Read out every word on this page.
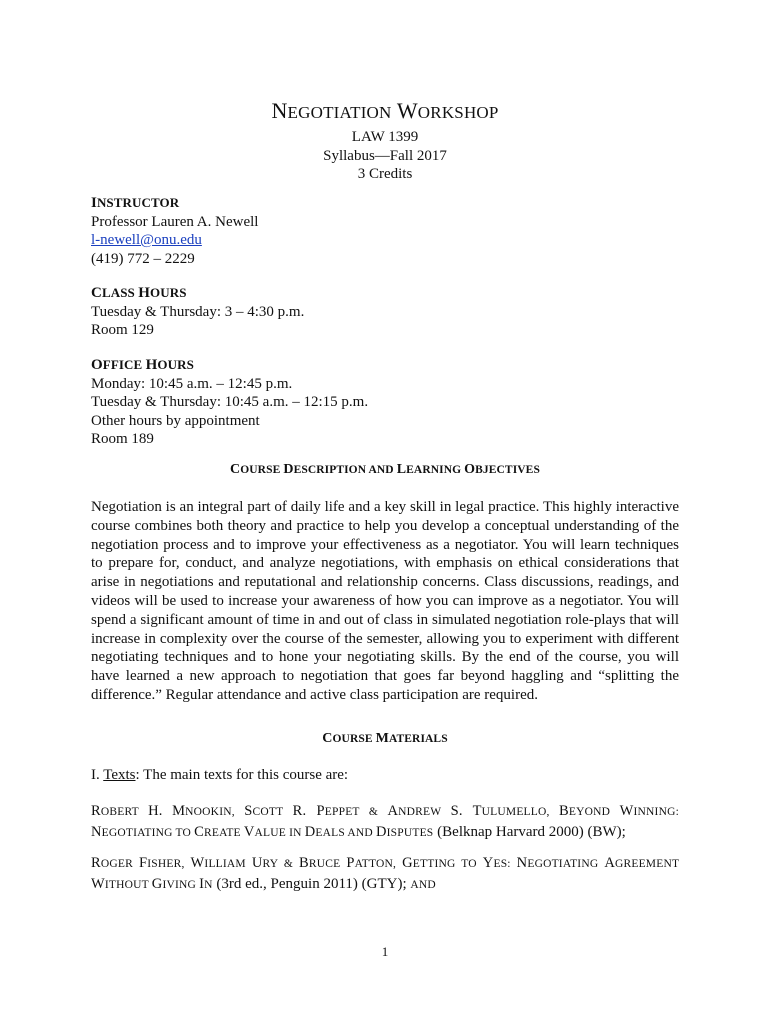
NEGOTIATION WORKSHOP
LAW 1399
Syllabus—Fall 2017
3 Credits
INSTRUCTOR
Professor Lauren A. Newell
l-newell@onu.edu
(419) 772 – 2229
CLASS HOURS
Tuesday & Thursday: 3 – 4:30 p.m.
Room 129
OFFICE HOURS
Monday: 10:45 a.m. – 12:45 p.m.
Tuesday & Thursday: 10:45 a.m. – 12:15 p.m.
Other hours by appointment
Room 189
COURSE DESCRIPTION AND LEARNING OBJECTIVES

Negotiation is an integral part of daily life and a key skill in legal practice. This highly interactive course combines both theory and practice to help you develop a conceptual understanding of the negotiation process and to improve your effectiveness as a negotiator. You will learn techniques to prepare for, conduct, and analyze negotiations, with emphasis on ethical considerations that arise in negotiations and reputational and relationship concerns. Class discussions, readings, and videos will be used to increase your awareness of how you can improve as a negotiator. You will spend a significant amount of time in and out of class in simulated negotiation role-plays that will increase in complexity over the course of the semester, allowing you to experiment with different negotiating techniques and to hone your negotiating skills. By the end of the course, you will have learned a new approach to negotiation that goes far beyond haggling and “splitting the difference.” Regular attendance and active class participation are required.

COURSE MATERIALS
I. Texts: The main texts for this course are:

ROBERT H. MNOOKIN, SCOTT R. PEPPET & ANDREW S. TULUMELLO, BEYOND WINNING: NEGOTIATING TO CREATE VALUE IN DEALS AND DISPUTES (Belknap Harvard 2000) (BW);

ROGER FISHER, WILLIAM URY & BRUCE PATTON, GETTING TO YES: NEGOTIATING AGREEMENT WITHOUT GIVING IN (3rd ed., Penguin 2011) (GTY); AND

1
